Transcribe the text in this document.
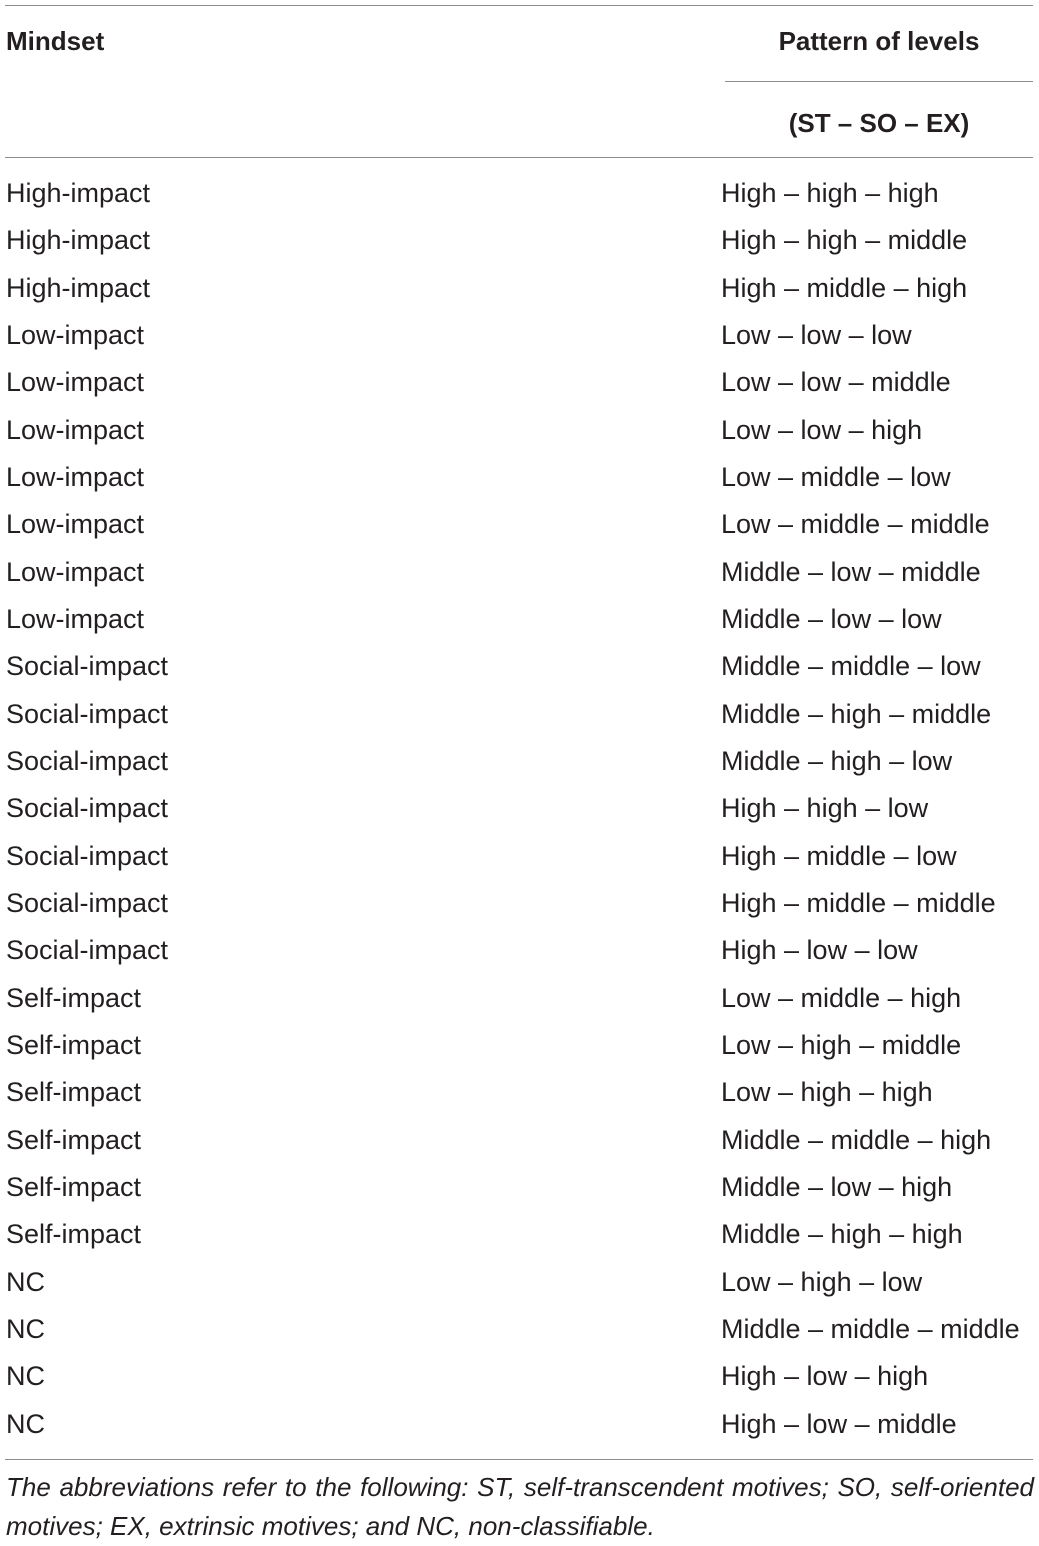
Mindset	Pattern of levels
(ST – SO – EX)
High-impact	High – high – high
High-impact	High – high – middle
High-impact	High – middle – high
Low-impact	Low – low – low
Low-impact	Low – low – middle
Low-impact	Low – low – high
Low-impact	Low – middle – low
Low-impact	Low – middle – middle
Low-impact	Middle – low – middle
Low-impact	Middle – low – low
Social-impact	Middle – middle – low
Social-impact	Middle – high – middle
Social-impact	Middle – high – low
Social-impact	High – high – low
Social-impact	High – middle – low
Social-impact	High – middle – middle
Social-impact	High – low – low
Self-impact	Low – middle – high
Self-impact	Low – high – middle
Self-impact	Low – high – high
Self-impact	Middle – middle – high
Self-impact	Middle – low – high
Self-impact	Middle – high – high
NC	Low – high – low
NC	Middle – middle – middle
NC	High – low – high
NC	High – low – middle
The abbreviations refer to the following: ST, self-transcendent motives; SO, self-oriented motives; EX, extrinsic motives; and NC, non-classifiable.
